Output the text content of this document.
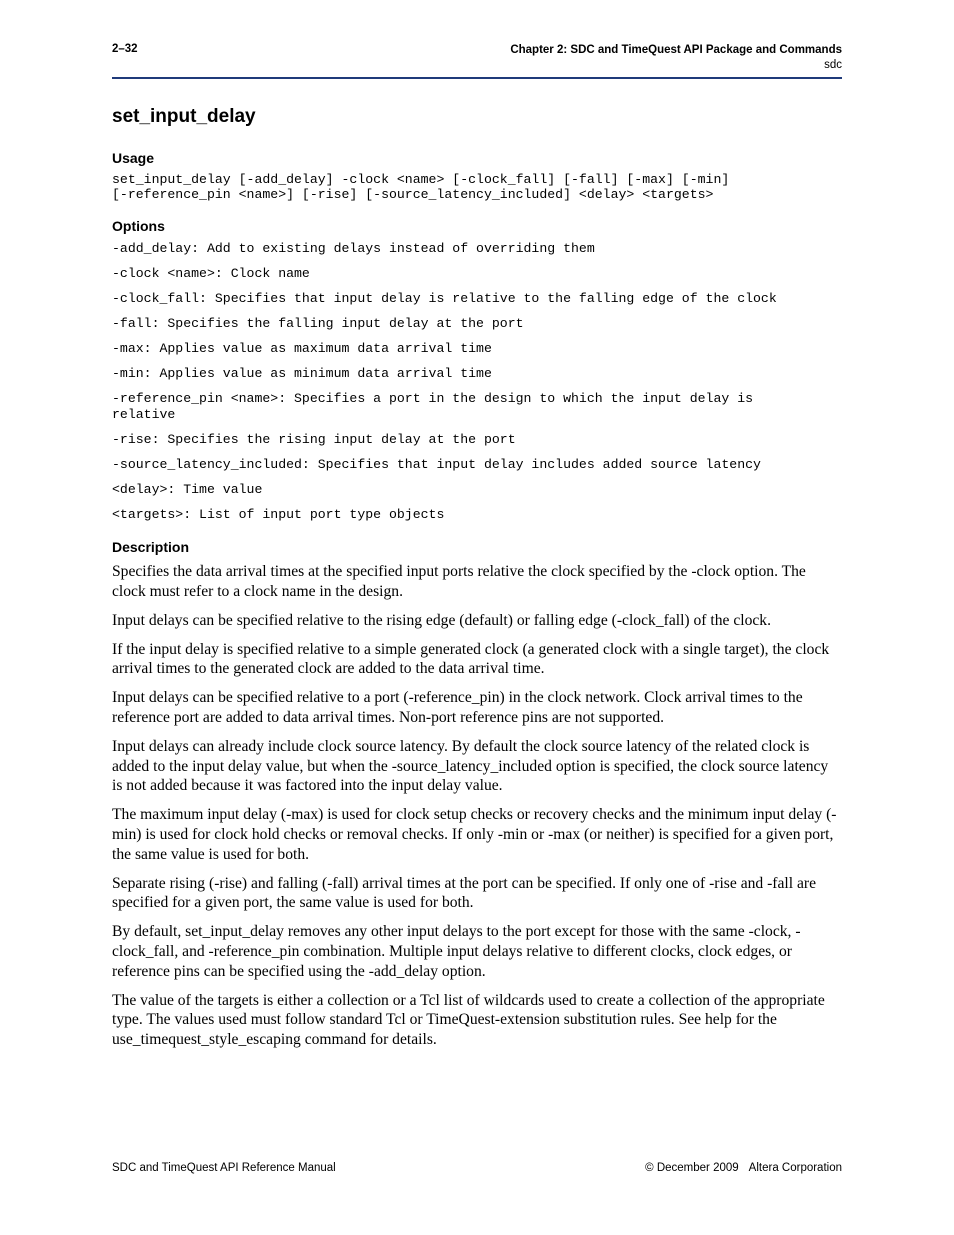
2–32	Chapter 2: SDC and TimeQuest API Package and Commands
sdc
set_input_delay
Usage

set_input_delay [-add_delay] -clock <name> [-clock_fall] [-fall] [-max] [-min]

[-reference_pin <name>] [-rise] [-source_latency_included] <delay> <targets>

Options

-add_delay: Add to existing delays instead of overriding them

-clock <name>: Clock name

-clock_fall: Specifies that input delay is relative to the falling edge of the clock

-fall: Specifies the falling input delay at the port

-max: Applies value as maximum data arrival time

-min: Applies value as minimum data arrival time

-reference_pin <name>: Specifies a port in the design to which the input delay is relative

-rise: Specifies the rising input delay at the port

-source_latency_included: Specifies that input delay includes added source latency

<delay>: Time value

<targets>: List of input port type objects

Description

Specifies the data arrival times at the specified input ports relative the clock specified by the -clock option. The clock must refer to a clock name in the design.

Input delays can be specified relative to the rising edge (default) or falling edge (-clock_fall) of the clock.

If the input delay is specified relative to a simple generated clock (a generated clock with a single target), the clock arrival times to the generated clock are added to the data arrival time.

Input delays can be specified relative to a port (-reference_pin) in the clock network. Clock arrival times to the reference port are added to data arrival times. Non-port reference pins are not supported.

Input delays can already include clock source latency. By default the clock source latency of the related clock is added to the input delay value, but when the -source_latency_included option is specified, the clock source latency is not added because it was factored into the input delay value.

The maximum input delay (-max) is used for clock setup checks or recovery checks and the minimum input delay (-min) is used for clock hold checks or removal checks. If only -min or -max (or neither) is specified for a given port, the same value is used for both.

Separate rising (-rise) and falling (-fall) arrival times at the port can be specified. If only one of -rise and -fall are specified for a given port, the same value is used for both.

By default, set_input_delay removes any other input delays to the port except for those with the same -clock, -clock_fall, and -reference_pin combination. Multiple input delays relative to different clocks, clock edges, or reference pins can be specified using the -add_delay option.

The value of the targets is either a collection or a Tcl list of wildcards used to create a collection of the appropriate type. The values used must follow standard Tcl or TimeQuest-extension substitution rules. See help for the use_timequest_style_escaping command for details.

SDC and TimeQuest API Reference Manual	© December 2009 Altera Corporation
